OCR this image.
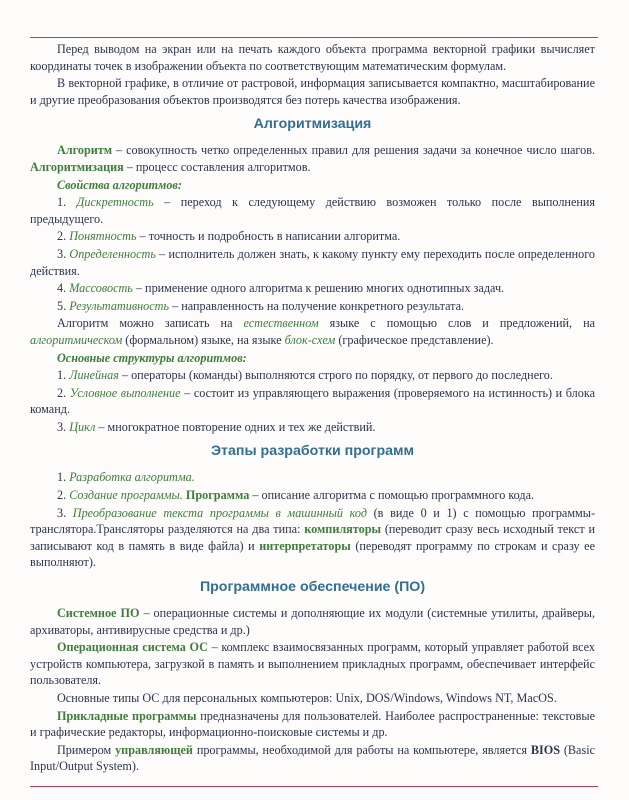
Перед выводом на экран или на печать каждого объекта программа векторной графики вычисляет координаты точек в изображении объекта по соответствующим математическим формулам.

В векторной графике, в отличие от растровой, информация записывается компактно, масштабирование и другие преобразования объектов производятся без потерь качества изображения.

Алгоритмизация

Алгоритм – совокупность четко определенных правил для решения задачи за конечное число шагов. Алгоритмизация – процесс составления алгоритмов.

Свойства алгоритмов:

1. Дискретность – переход к следующему действию возможен только после выполнения предыдущего.

2. Понятность – точность и подробность в написании алгоритма.

3. Определенность – исполнитель должен знать, к какому пункту ему переходить после определенного действия.

4. Массовость – применение одного алгоритма к решению многих однотипных задач.

5. Результативность – направленность на получение конкретного результата.

Алгоритм можно записать на естественном языке с помощью слов и предложений, на алгоритмическом (формальном) языке, на языке блок-схем (графическое представление).

Основные структуры алгоритмов:

1. Линейная – операторы (команды) выполняются строго по порядку, от первого до последнего.

2. Условное выполнение – состоит из управляющего выражения (проверяемого на истинность) и блока команд.

3. Цикл – многократное повторение одних и тех же действий.

Этапы разработки программ

1. Разработка алгоритма.

2. Создание программы. Программа – описание алгоритма с помощью программного кода.

3. Преобразование текста программы в машинный код (в виде 0 и 1) с помощью программы-транслятора.Трансляторы разделяются на два типа: компиляторы (переводит сразу весь исходный текст и записывают код в память в виде файла) и интерпретаторы (переводят программу по строкам и сразу ее выполняют).

Программное обеспечение (ПО)

Системное ПО – операционные системы и дополняющие их модули (системные утилиты, драйверы, архиваторы, антивирусные средства и др.)

Операционная система ОС – комплекс взаимосвязанных программ, который управляет работой всех устройств компьютера, загрузкой в память и выполнением прикладных программ, обеспечивает интерфейс пользователя.

Основные типы ОС для персональных компьютеров: Unix, DOS/Windows, Windows NT, MacOS.

Прикладные программы предназначены для пользователей. Наиболее распространенные: текстовые и графические редакторы, информационно-поисковые системы и др.

Примером управляющей программы, необходимой для работы на компьютере, является BIOS (Basic Input/Output System).
